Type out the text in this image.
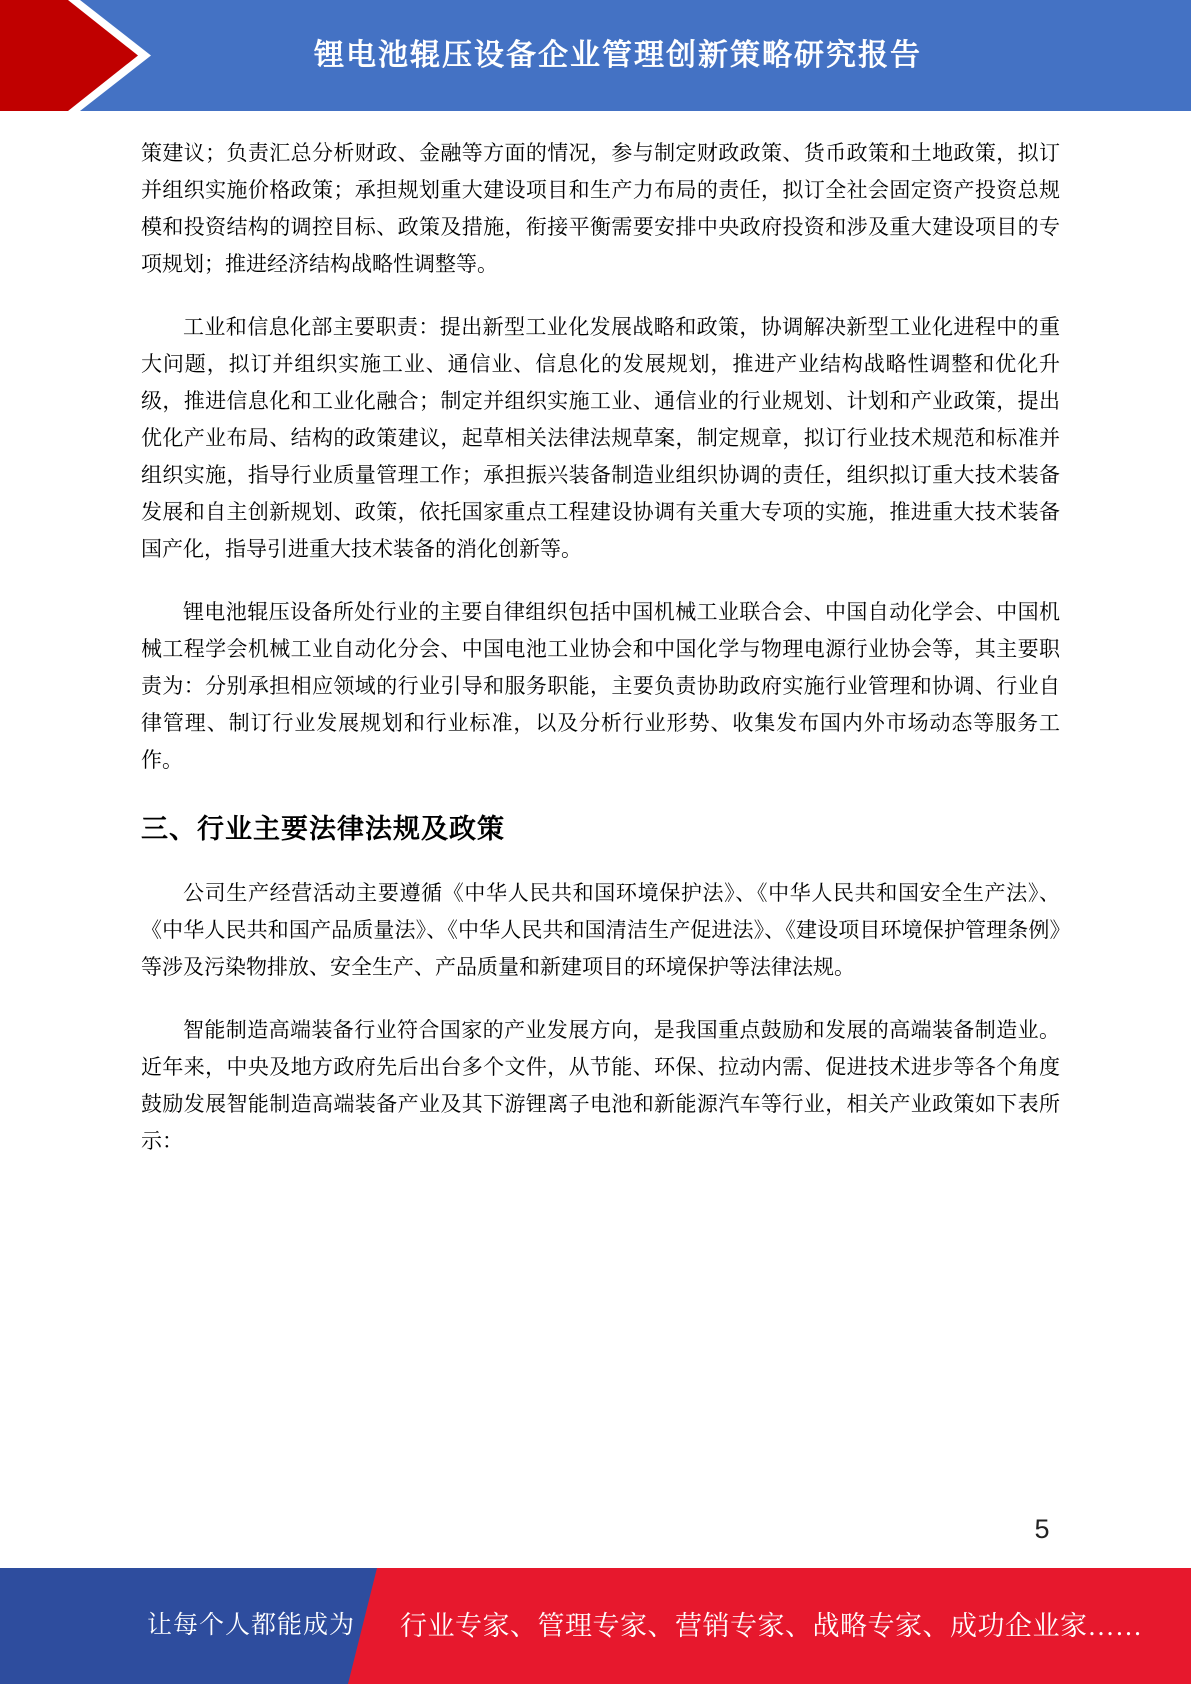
锂电池辊压设备企业管理创新策略研究报告

策建议；负责汇总分析财政、金融等方面的情况，参与制定财政政策、货币政策和土地政策，拟订并组织实施价格政策；承担规划重大建设项目和生产力布局的责任，拟订全社会固定资产投资总规模和投资结构的调控目标、政策及措施，衔接平衡需要安排中央政府投资和涉及重大建设项目的专项规划；推进经济结构战略性调整等。

工业和信息化部主要职责：提出新型工业化发展战略和政策，协调解决新型工业化进程中的重大问题，拟订并组织实施工业、通信业、信息化的发展规划，推进产业结构战略性调整和优化升级，推进信息化和工业化融合；制定并组织实施工业、通信业的行业规划、计划和产业政策，提出优化产业布局、结构的政策建议，起草相关法律法规草案，制定规章，拟订行业技术规范和标准并组织实施，指导行业质量管理工作；承担振兴装备制造业组织协调的责任，组织拟订重大技术装备发展和自主创新规划、政策，依托国家重点工程建设协调有关重大专项的实施，推进重大技术装备国产化，指导引进重大技术装备的消化创新等。

锂电池辊压设备所处行业的主要自律组织包括中国机械工业联合会、中国自动化学会、中国机械工程学会机械工业自动化分会、中国电池工业协会和中国化学与物理电源行业协会等，其主要职责为：分别承担相应领域的行业引导和服务职能，主要负责协助政府实施行业管理和协调、行业自律管理、制订行业发展规划和行业标准，以及分析行业形势、收集发布国内外市场动态等服务工作。

三、行业主要法律法规及政策

公司生产经营活动主要遵循《中华人民共和国环境保护法》、《中华人民共和国安全生产法》、《中华人民共和国产品质量法》、《中华人民共和国清洁生产促进法》、《建设项目环境保护管理条例》等涉及污染物排放、安全生产、产品质量和新建项目的环境保护等法律法规。

智能制造高端装备行业符合国家的产业发展方向，是我国重点鼓励和发展的高端装备制造业。近年来，中央及地方政府先后出台多个文件，从节能、环保、拉动内需、促进技术进步等各个角度鼓励发展智能制造高端装备产业及其下游锂离子电池和新能源汽车等行业，相关产业政策如下表所示：

5
让每个人都能成为 行业专家、管理专家、营销专家、战略专家、成功企业家……
